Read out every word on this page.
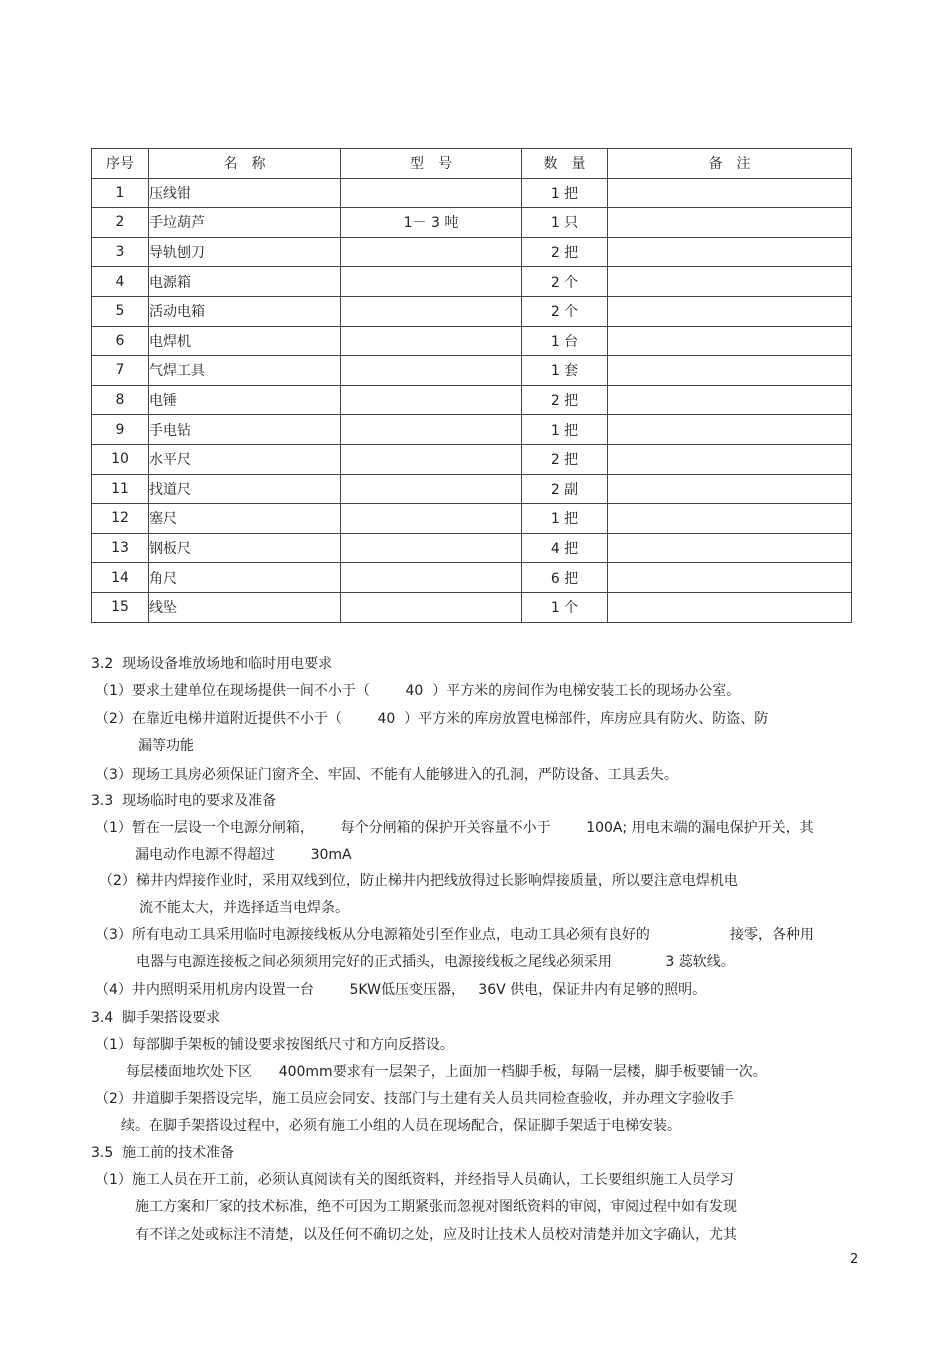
序号	名　称	型　号	数　量	备　注
1	压线钳		1 把	
2	手垃葫芦	1－ 3 吨	1 只	
3	导轨刨刀		2 把	
4	电源箱		2 个	
5	活动电箱		2 个	
6	电焊机		1 台	
7	气焊工具		1 套	
8	电锤		2 把	
9	手电钻		1 把	
10	水平尺		2 把	
11	找道尺		2 副	
12	塞尺		1 把	
13	钢板尺		4 把	
14	角尺		6 把	
15	线坠		1 个	
3.2  现场设备堆放场地和临时用电要求
（1）要求土建单位在现场提供一间不小于（        40  ）平方米的房间作为电梯安装工长的现场办公室。
（2）在靠近电梯井道附近提供不小于（        40  ）平方米的库房放置电梯部件，库房应具有防火、防盗、防
漏等功能
（3）现场工具房必须保证门窗齐全、牢固、不能有人能够进入的孔洞，严防设备、工具丢失。
3.3  现场临时电的要求及准备
（1）暂在一层设一个电源分闸箱，      每个分闸箱的保护开关容量不小于        100A; 用电末端的漏电保护开关，其
漏电动作电源不得超过        30mA
（2）梯井内焊接作业时，采用双线到位，防止梯井内把线放得过长影响焊接质量，所以要注意电焊机电
流不能太大，并选择适当电焊条。
（3）所有电动工具采用临时电源接线板从分电源箱处引至作业点，电动工具必须有良好的                  接零，各种用
电器与电源连接板之间必须须用完好的正式插头，电源接线板之尾线必须采用            3 蕊软线。
（4）井内照明采用机房内设置一台        5KW低压变压器，   36V 供电，保证井内有足够的照明。
3.4  脚手架搭设要求
（1）每部脚手架板的铺设要求按图纸尺寸和方向反搭设。
每层楼面地坎处下区      400mm要求有一层架子，上面加一档脚手板，每隔一层楼，脚手板要铺一次。
（2）井道脚手架搭设完毕，施工员应会同安、技部门与土建有关人员共同检查验收，并办理文字验收手
续。在脚手架搭设过程中，必须有施工小组的人员在现场配合，保证脚手架适于电梯安装。
3.5  施工前的技术准备
（1）施工人员在开工前，必须认真阅读有关的图纸资料，并经指导人员确认，工长要组织施工人员学习
施工方案和厂家的技术标准，绝不可因为工期紧张而忽视对图纸资料的审阅，审阅过程中如有发现
有不详之处或标注不清楚，以及任何不确切之处，应及时让技术人员校对清楚并加文字确认，尤其
2
